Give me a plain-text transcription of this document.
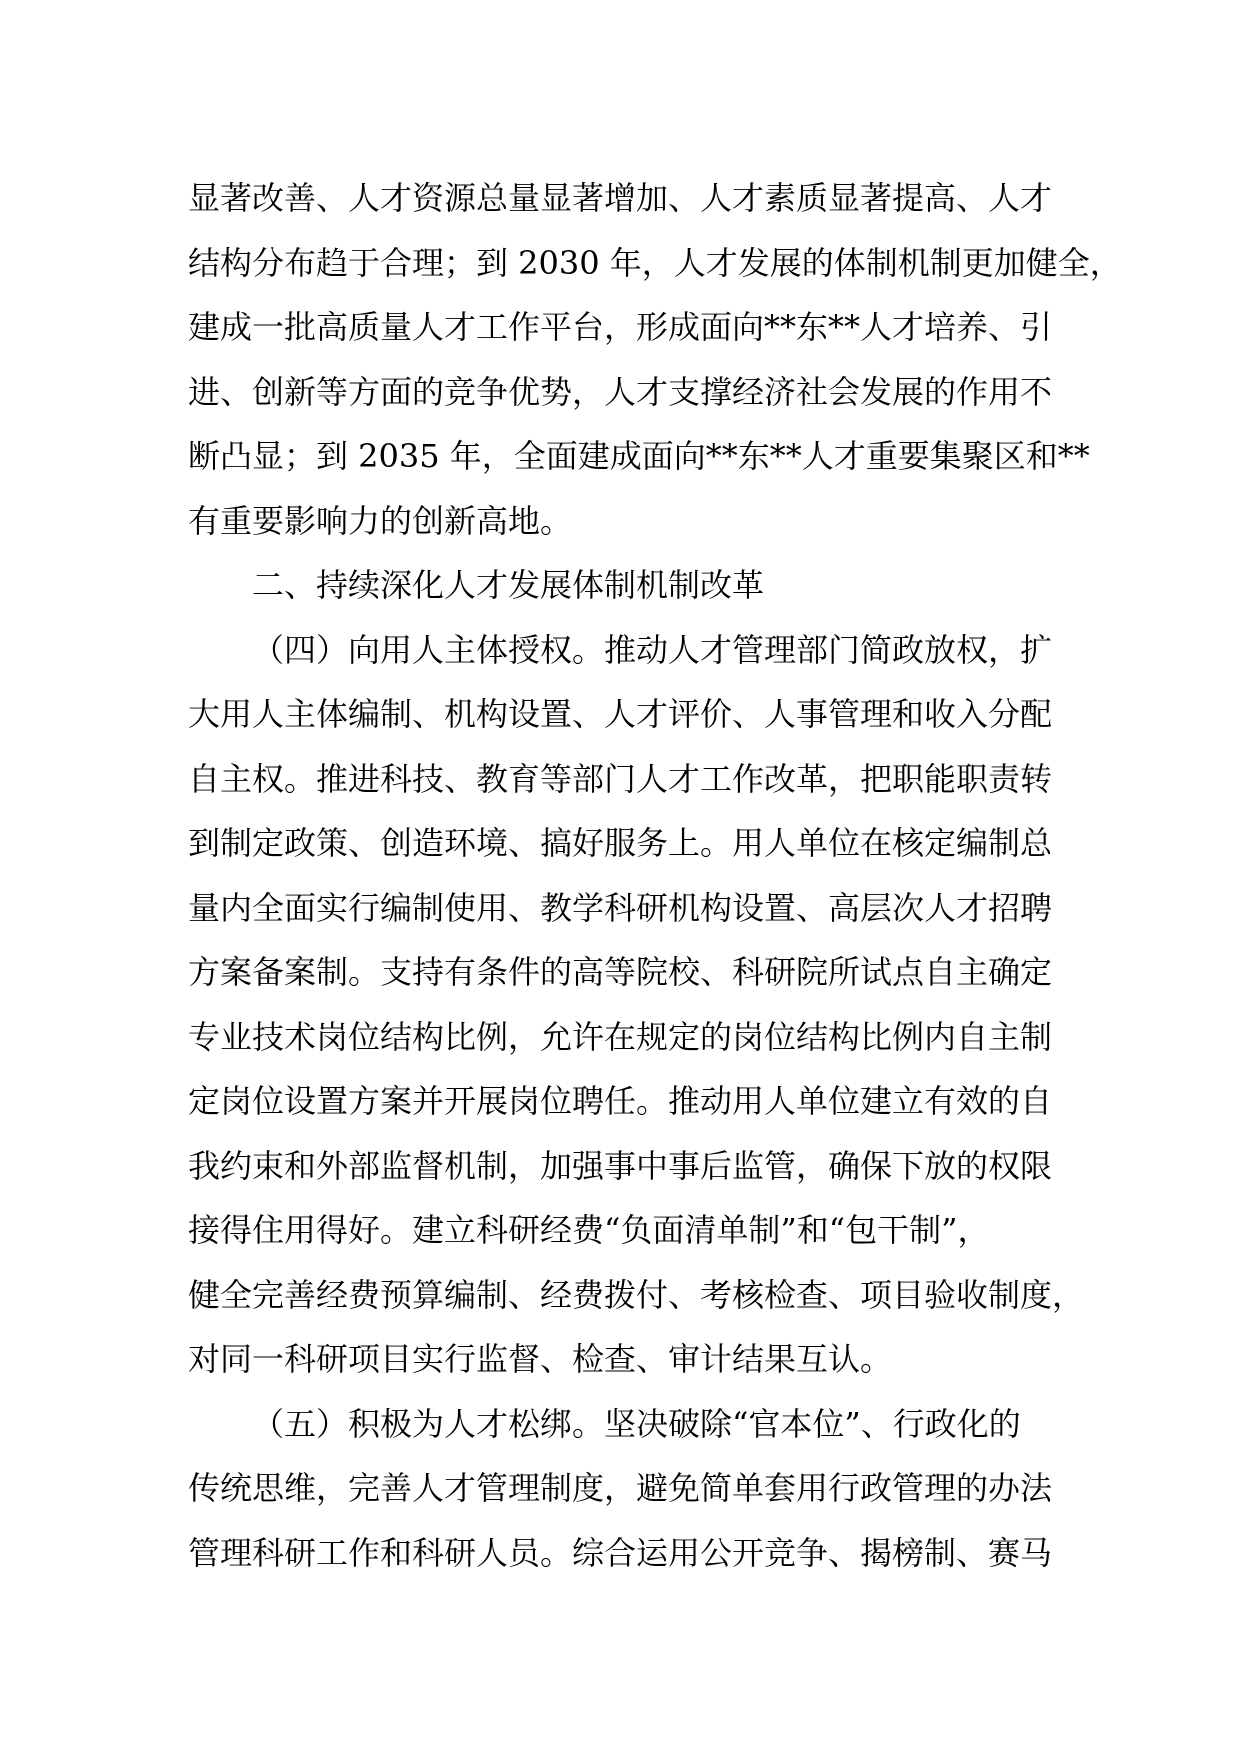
显著改善、人才资源总量显著增加、人才素质显著提高、人才
结构分布趋于合理；到 2030 年，人才发展的体制机制更加健全，
建成一批高质量人才工作平台，形成面向**东**人才培养、引
进、创新等方面的竞争优势，人才支撑经济社会发展的作用不
断凸显；到 2035 年，全面建成面向**东**人才重要集聚区和**
有重要影响力的创新高地。
二、持续深化人才发展体制机制改革
（四）向用人主体授权。推动人才管理部门简政放权，扩
大用人主体编制、机构设置、人才评价、人事管理和收入分配
自主权。推进科技、教育等部门人才工作改革，把职能职责转
到制定政策、创造环境、搞好服务上。用人单位在核定编制总
量内全面实行编制使用、教学科研机构设置、高层次人才招聘
方案备案制。支持有条件的高等院校、科研院所试点自主确定
专业技术岗位结构比例，允许在规定的岗位结构比例内自主制
定岗位设置方案并开展岗位聘任。推动用人单位建立有效的自
我约束和外部监督机制，加强事中事后监管，确保下放的权限
接得住用得好。建立科研经费“负面清单制”和“包干制”，
健全完善经费预算编制、经费拨付、考核检查、项目验收制度，
对同一科研项目实行监督、检查、审计结果互认。
（五）积极为人才松绑。坚决破除“官本位”、行政化的
传统思维，完善人才管理制度，避免简单套用行政管理的办法
管理科研工作和科研人员。综合运用公开竞争、揭榜制、赛马
